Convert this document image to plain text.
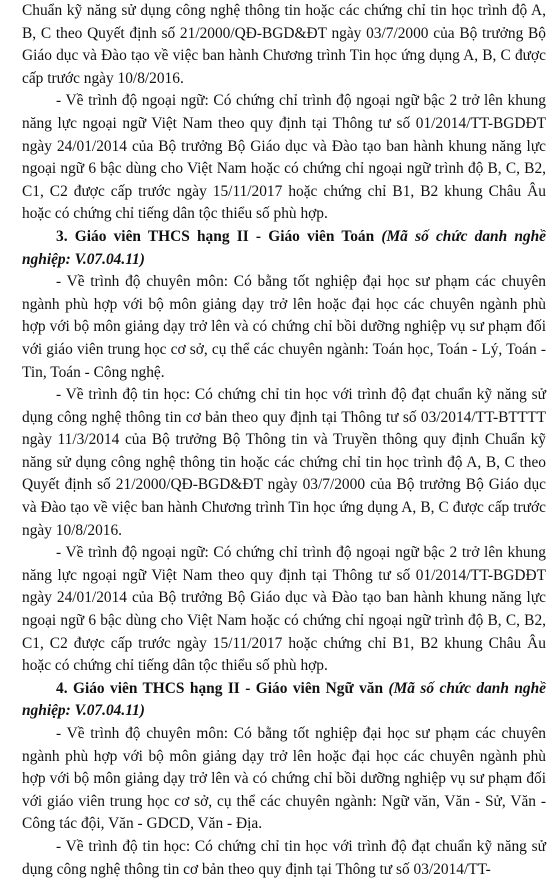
Chuẩn kỹ năng sử dụng công nghệ thông tin hoặc các chứng chỉ tin học trình độ A, B, C theo Quyết định số 21/2000/QĐ-BGD&ĐT ngày 03/7/2000 của Bộ trưởng Bộ Giáo dục và Đào tạo về việc ban hành Chương trình Tin học ứng dụng A, B, C được cấp trước ngày 10/8/2016.

- Về trình độ ngoại ngữ: Có chứng chỉ trình độ ngoại ngữ bậc 2 trở lên khung năng lực ngoại ngữ Việt Nam theo quy định tại Thông tư số 01/2014/TT-BGDĐT ngày 24/01/2014 của Bộ trưởng Bộ Giáo dục và Đào tạo ban hành khung năng lực ngoại ngữ 6 bậc dùng cho Việt Nam hoặc có chứng chỉ ngoại ngữ trình độ B, C, B2, C1, C2 được cấp trước ngày 15/11/2017 hoặc chứng chỉ B1, B2 khung Châu Âu hoặc có chứng chỉ tiếng dân tộc thiểu số phù hợp.

3. Giáo viên THCS hạng II - Giáo viên Toán (Mã số chức danh nghề nghiệp: V.07.04.11)

- Về trình độ chuyên môn: Có bằng tốt nghiệp đại học sư phạm các chuyên ngành phù hợp với bộ môn giảng dạy trở lên hoặc đại học các chuyên ngành phù hợp với bộ môn giảng dạy trở lên và có chứng chỉ bồi dưỡng nghiệp vụ sư phạm đối với giáo viên trung học cơ sở, cụ thể các chuyên ngành: Toán học, Toán - Lý, Toán - Tin, Toán - Công nghệ.

- Về trình độ tin học: Có chứng chỉ tin học với trình độ đạt chuẩn kỹ năng sử dụng công nghệ thông tin cơ bản theo quy định tại Thông tư số 03/2014/TT-BTTTT ngày 11/3/2014 của Bộ trưởng Bộ Thông tin và Truyền thông quy định Chuẩn kỹ năng sử dụng công nghệ thông tin hoặc các chứng chỉ tin học trình độ A, B, C theo Quyết định số 21/2000/QĐ-BGD&ĐT ngày 03/7/2000 của Bộ trưởng Bộ Giáo dục và Đào tạo về việc ban hành Chương trình Tin học ứng dụng A, B, C được cấp trước ngày 10/8/2016.

- Về trình độ ngoại ngữ: Có chứng chỉ trình độ ngoại ngữ bậc 2 trở lên khung năng lực ngoại ngữ Việt Nam theo quy định tại Thông tư số 01/2014/TT-BGDĐT ngày 24/01/2014 của Bộ trưởng Bộ Giáo dục và Đào tạo ban hành khung năng lực ngoại ngữ 6 bậc dùng cho Việt Nam hoặc có chứng chỉ ngoại ngữ trình độ B, C, B2, C1, C2 được cấp trước ngày 15/11/2017 hoặc chứng chỉ B1, B2 khung Châu Âu hoặc có chứng chỉ tiếng dân tộc thiểu số phù hợp.

4. Giáo viên THCS hạng II - Giáo viên Ngữ văn (Mã số chức danh nghề nghiệp: V.07.04.11)

- Về trình độ chuyên môn: Có bằng tốt nghiệp đại học sư phạm các chuyên ngành phù hợp với bộ môn giảng dạy trở lên hoặc đại học các chuyên ngành phù hợp với bộ môn giảng dạy trở lên và có chứng chỉ bồi dưỡng nghiệp vụ sư phạm đối với giáo viên trung học cơ sở, cụ thể các chuyên ngành: Ngữ văn, Văn - Sử, Văn - Công tác đội, Văn - GDCD, Văn - Địa.

- Về trình độ tin học: Có chứng chỉ tin học với trình độ đạt chuẩn kỹ năng sử dụng công nghệ thông tin cơ bản theo quy định tại Thông tư số 03/2014/TT-
